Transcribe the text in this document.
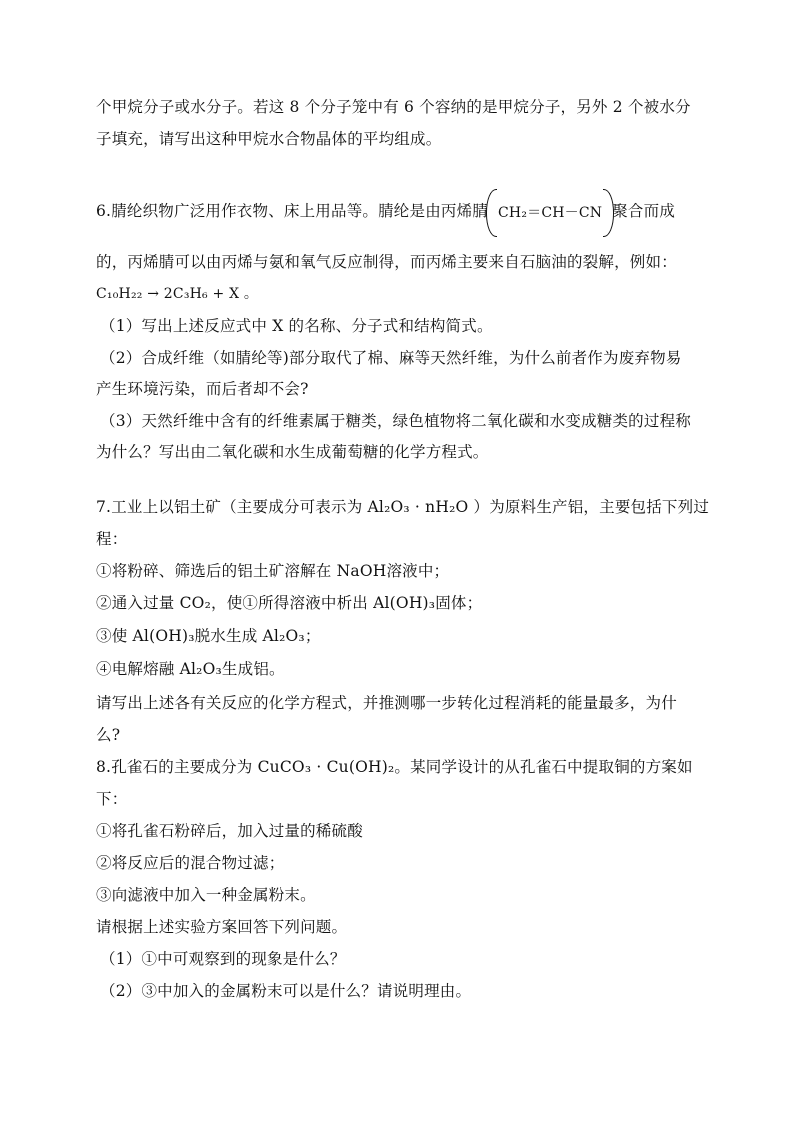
个甲烷分子或水分子。若这 8 个分子笼中有 6 个容纳的是甲烷分子，另外 2 个被水分
子填充，请写出这种甲烷水合物晶体的平均组成。
6.腈纶织物广泛用作衣物、床上用品等。腈纶是由丙烯腈 CH₂＝CH－CN 聚合而成
的，丙烯腈可以由丙烯与氨和氧气反应制得，而丙烯主要来自石脑油的裂解，例如：
C₁₀H₂₂ → 2C₃H₆ + X 。
（1）写出上述反应式中 X 的名称、分子式和结构简式。
（2）合成纤维（如腈纶等)部分取代了棉、麻等天然纤维，为什么前者作为废弃物易
产生环境污染，而后者却不会?
（3）天然纤维中含有的纤维素属于糖类，绿色植物将二氧化碳和水变成糖类的过程称
为什么？写出由二氧化碳和水生成葡萄糖的化学方程式。
7.工业上以铝土矿（主要成分可表示为 Al₂O₃ · nH₂O ）为原料生产铝，主要包括下列过
程：
①将粉碎、筛选后的铝土矿溶解在 NaOH溶液中；
②通入过量 CO₂，使①所得溶液中析出 Al(OH)₃固体；
③使 Al(OH)₃脱水生成 Al₂O₃；
④电解熔融 Al₂O₃生成铝。
请写出上述各有关反应的化学方程式，并推测哪一步转化过程消耗的能量最多，为什
么?
8.孔雀石的主要成分为 CuCO₃ · Cu(OH)₂。某同学设计的从孔雀石中提取铜的方案如
下：
①将孔雀石粉碎后，加入过量的稀硫酸
②将反应后的混合物过滤；
③向滤液中加入一种金属粉末。
请根据上述实验方案回答下列问题。
（1）①中可观察到的现象是什么？
（2）③中加入的金属粉末可以是什么？请说明理由。
